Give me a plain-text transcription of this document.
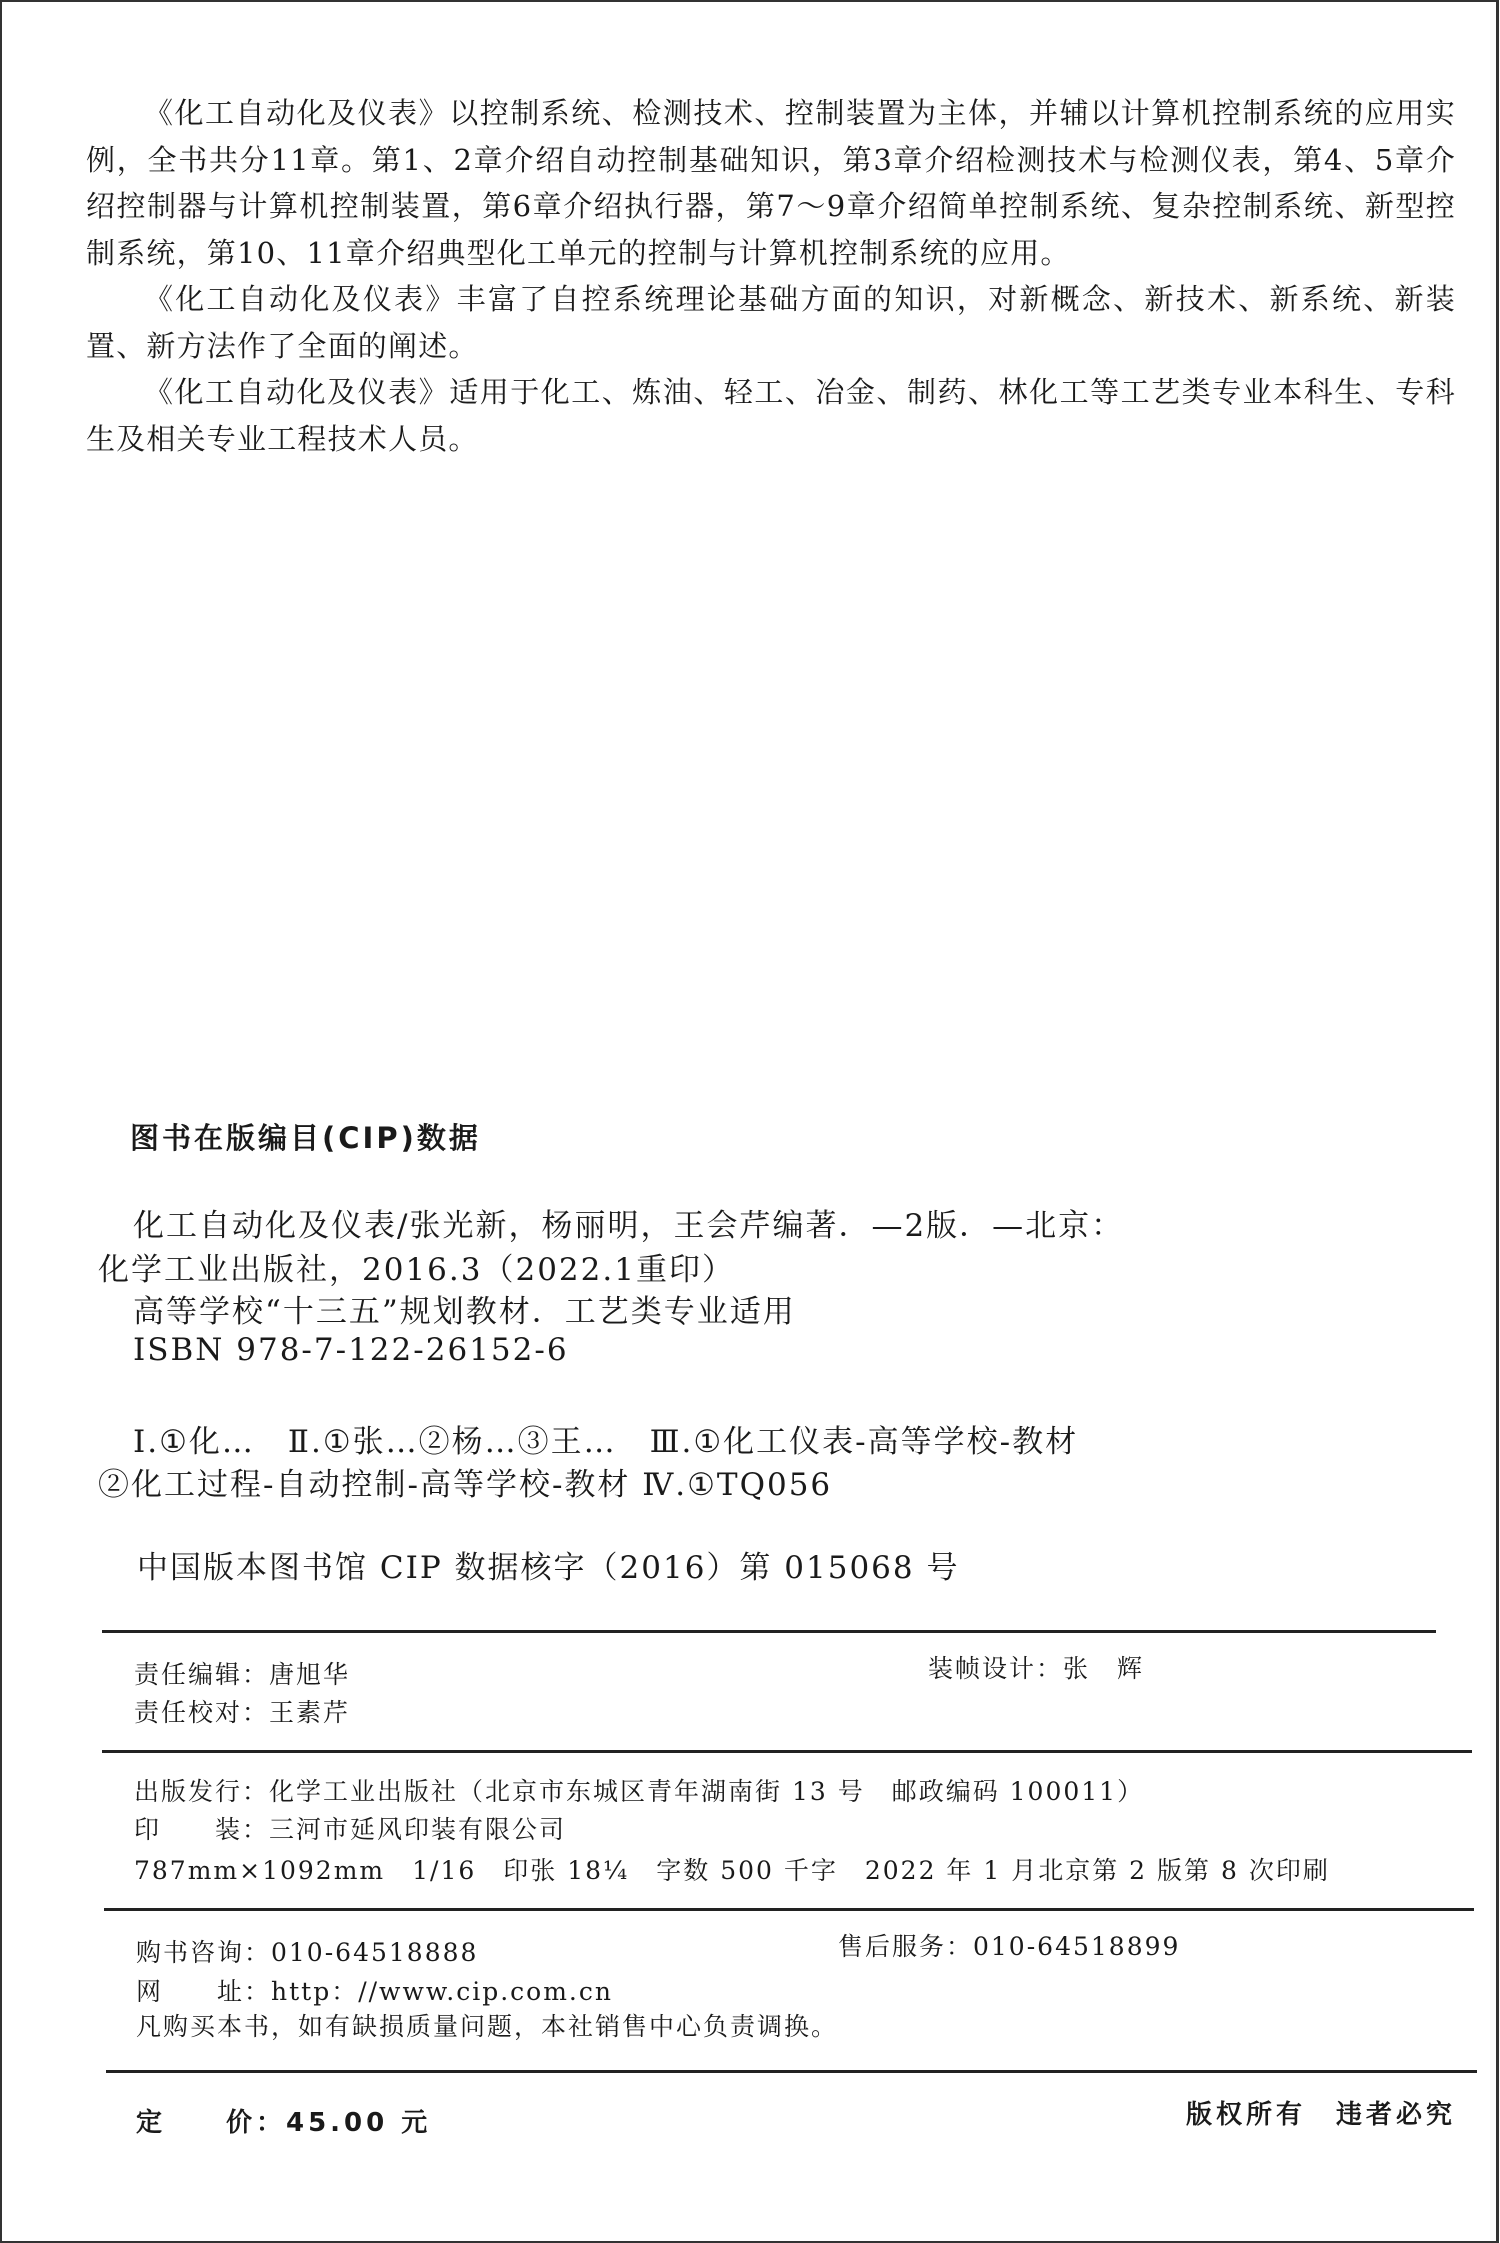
《化工自动化及仪表》以控制系统、检测技术、控制装置为主体，并辅以计算机控制系统的应用实例，全书共分11章。第1、2章介绍自动控制基础知识，第3章介绍检测技术与检测仪表，第4、5章介绍控制器与计算机控制装置，第6章介绍执行器，第7～9章介绍简单控制系统、复杂控制系统、新型控制系统，第10、11章介绍典型化工单元的控制与计算机控制系统的应用。

《化工自动化及仪表》丰富了自控系统理论基础方面的知识，对新概念、新技术、新系统、新装置、新方法作了全面的阐述。

《化工自动化及仪表》适用于化工、炼油、轻工、冶金、制药、林化工等工艺类专业本科生、专科生及相关专业工程技术人员。

图书在版编目(CIP)数据
化工自动化及仪表/张光新，杨丽明，王会芹编著．—2版．—北京：
化学工业出版社，2016.3（2022.1重印）
高等学校“十三五”规划教材．工艺类专业适用
ISBN 978-7-122-26152-6
Ⅰ.①化…　Ⅱ.①张…②杨…③王…　Ⅲ.①化工仪表-高等学校-教材
②化工过程-自动控制-高等学校-教材 Ⅳ.①TQ056
中国版本图书馆 CIP 数据核字（2016）第 015068 号
责任编辑：唐旭华	装帧设计：张　辉
责任校对：王素芹
出版发行：化学工业出版社（北京市东城区青年湖南街 13 号　邮政编码 100011）
印　　装：三河市延风印装有限公司
787mm×1092mm　1/16　印张 18¼　字数 500 千字　2022 年 1 月北京第 2 版第 8 次印刷
购书咨询：010-64518888	售后服务：010-64518899
网　　址：http：//www.cip.com.cn
凡购买本书，如有缺损质量问题，本社销售中心负责调换。
定　　价：45.00 元	版权所有　违者必究
